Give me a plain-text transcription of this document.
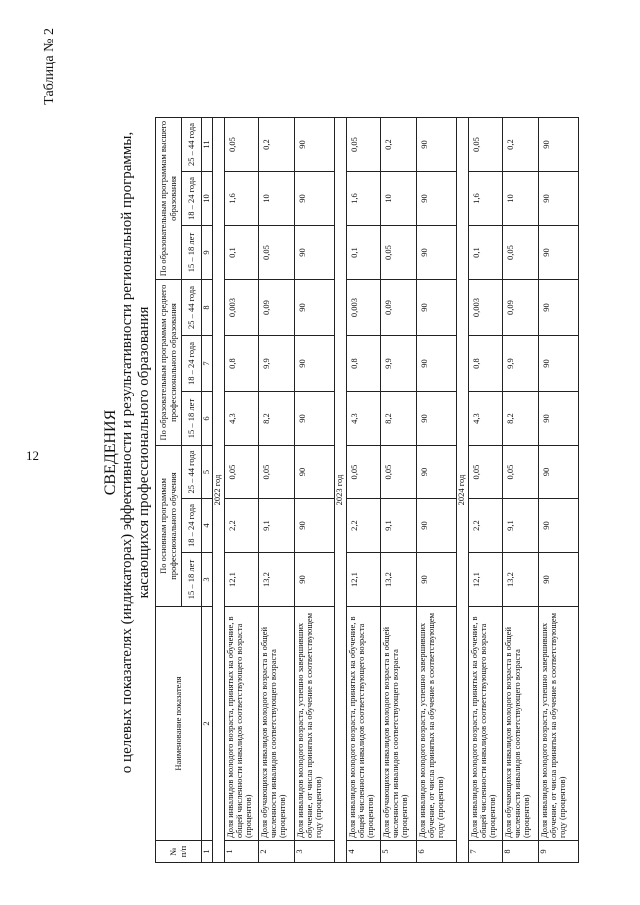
12
Таблица № 2
СВЕДЕНИЯ о целевых показателях (индикаторах) эффективности и результативности региональной программы, касающихся профессионального образования
№ п/п	Наименование показателя	По основным программам профессионального обучения			По образовательным программам среднего профессионального образования			По образовательным программам высшего образования		
		15 – 18 лет	18 – 24 года	25 – 44 года	15 – 18 лет	18 – 24 года	25 – 44 года	15 – 18 лет	18 – 24 года	25 – 44 года
1	2	3	4	5	6	7	8	9	10	11
2022 год										
1	Доля инвалидов молодого возраста, принятых на обучение, в общей численности инвалидов соответствующего возраста (процентов)	12,1	2,2	0,05	4,3	0,8	0,003	0,1	1,6	0,05
2	Доля обучающихся инвалидов молодого возраста в общей численности инвалидов соответствующего возраста (процентов)	13,2	9,1	0,05	8,2	9,9	0,09	0,05	10	0,2
3	Доля инвалидов молодого возраста, успешно завершивших обучение, от числа принятых на обучение в соответствующем году (процентов)	90	90	90	90	90	90	90	90	90
2023 год										
4	Доля инвалидов молодого возраста, принятых на обучение, в общей численности инвалидов соответствующего возраста (процентов)	12,1	2,2	0,05	4,3	0,8	0,003	0,1	1,6	0,05
5	Доля обучающихся инвалидов молодого возраста в общей численности инвалидов соответствующего возраста (процентов)	13,2	9,1	0,05	8,2	9,9	0,09	0,05	10	0,2
6	Доля инвалидов молодого возраста, успешно завершивших обучение, от числа принятых на обучение в соответствующем году (процентов)	90	90	90	90	90	90	90	90	90
2024 год										
7	Доля инвалидов молодого возраста, принятых на обучение, в общей численности инвалидов соответствующего возраста (процентов)	12,1	2,2	0,05	4,3	0,8	0,003	0,1	1,6	0,05
8	Доля обучающихся инвалидов молодого возраста в общей численности инвалидов соответствующего возраста (процентов)	13,2	9,1	0,05	8,2	9,9	0,09	0,05	10	0,2
9	Доля инвалидов молодого возраста, успешно завершивших обучение, от числа принятых на обучение в соответствующем году (процентов)	90	90	90	90	90	90	90	90	90
